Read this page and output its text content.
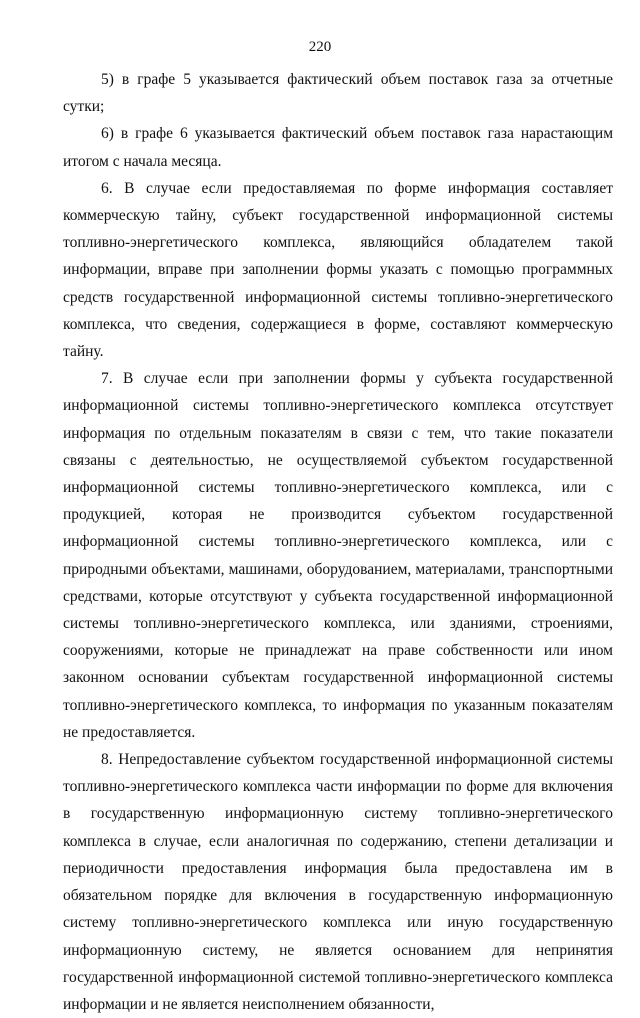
220

5) в графе 5 указывается фактический объем поставок газа за отчетные сутки;

6) в графе 6 указывается фактический объем поставок газа нарастающим итогом с начала месяца.

6. В случае если предоставляемая по форме информация составляет коммерческую тайну, субъект государственной информационной системы топливно-энергетического комплекса, являющийся обладателем такой информации, вправе при заполнении формы указать с помощью программных средств государственной информационной системы топливно-энергетического комплекса, что сведения, содержащиеся в форме, составляют коммерческую тайну.

7. В случае если при заполнении формы у субъекта государственной информационной системы топливно-энергетического комплекса отсутствует информация по отдельным показателям в связи с тем, что такие показатели связаны с деятельностью, не осуществляемой субъектом государственной информационной системы топливно-энергетического комплекса, или с продукцией, которая не производится субъектом государственной информационной системы топливно-энергетического комплекса, или с природными объектами, машинами, оборудованием, материалами, транспортными средствами, которые отсутствуют у субъекта государственной информационной системы топливно-энергетического комплекса, или зданиями, строениями, сооружениями, которые не принадлежат на праве собственности или ином законном основании субъектам государственной информационной системы топливно-энергетического комплекса, то информация по указанным показателям не предоставляется.

8. Непредоставление субъектом государственной информационной системы топливно-энергетического комплекса части информации по форме для включения в государственную информационную систему топливно-энергетического комплекса в случае, если аналогичная по содержанию, степени детализации и периодичности предоставления информация была предоставлена им в обязательном порядке для включения в государственную информационную систему топливно-энергетического комплекса или иную государственную информационную систему, не является основанием для непринятия государственной информационной системой топливно-энергетического комплекса информации и не является неисполнением обязанности,
